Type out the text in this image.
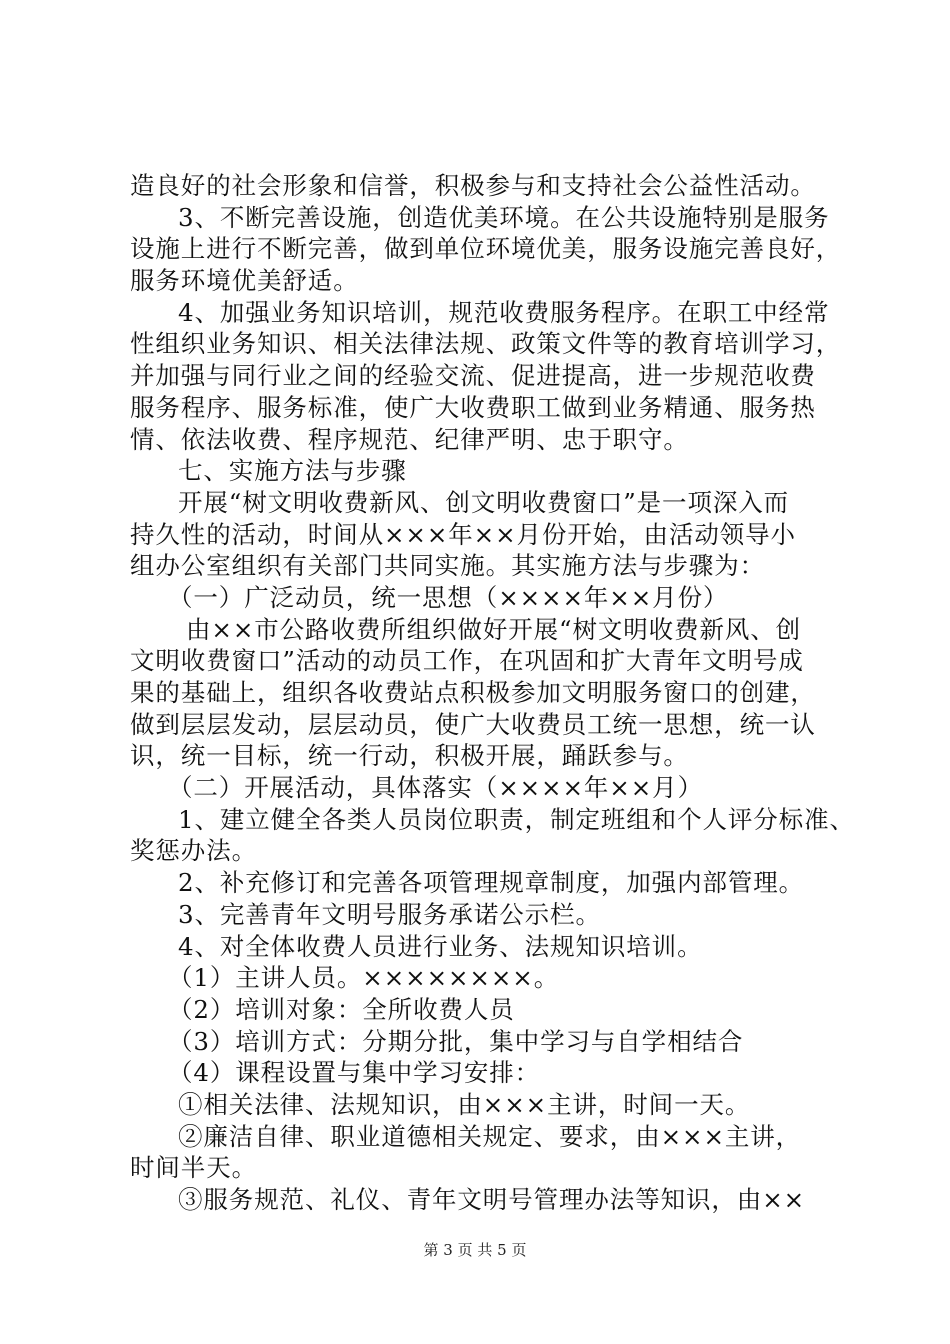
造良好的社会形象和信誉，积极参与和支持社会公益性活动。
3、不断完善设施，创造优美环境。在公共设施特别是服务
设施上进行不断完善，做到单位环境优美，服务设施完善良好，
服务环境优美舒适。
4、加强业务知识培训，规范收费服务程序。在职工中经常
性组织业务知识、相关法律法规、政策文件等的教育培训学习，
并加强与同行业之间的经验交流、促进提高，进一步规范收费
服务程序、服务标准，使广大收费职工做到业务精通、服务热
情、依法收费、程序规范、纪律严明、忠于职守。
七、实施方法与步骤
开展“树文明收费新风、创文明收费窗口”是一项深入而
持久性的活动，时间从×××年××月份开始，由活动领导小
组办公室组织有关部门共同实施。其实施方法与步骤为：
（一）广泛动员，统一思想（××××年××月份）
由××市公路收费所组织做好开展“树文明收费新风、创
文明收费窗口”活动的动员工作，在巩固和扩大青年文明号成
果的基础上，组织各收费站点积极参加文明服务窗口的创建，
做到层层发动，层层动员，使广大收费员工统一思想，统一认
识，统一目标，统一行动，积极开展，踊跃参与。
（二）开展活动，具体落实（××××年××月）
1、建立健全各类人员岗位职责，制定班组和个人评分标准、
奖惩办法。
2、补充修订和完善各项管理规章制度，加强内部管理。
3、完善青年文明号服务承诺公示栏。
4、对全体收费人员进行业务、法规知识培训。
（1）主讲人员。××××××××。
（2）培训对象：全所收费人员
（3）培训方式：分期分批，集中学习与自学相结合
（4）课程设置与集中学习安排：
①相关法律、法规知识，由×××主讲，时间一天。
②廉洁自律、职业道德相关规定、要求，由×××主讲，
时间半天。
③服务规范、礼仪、青年文明号管理办法等知识，由××
第 3 页 共 5 页
